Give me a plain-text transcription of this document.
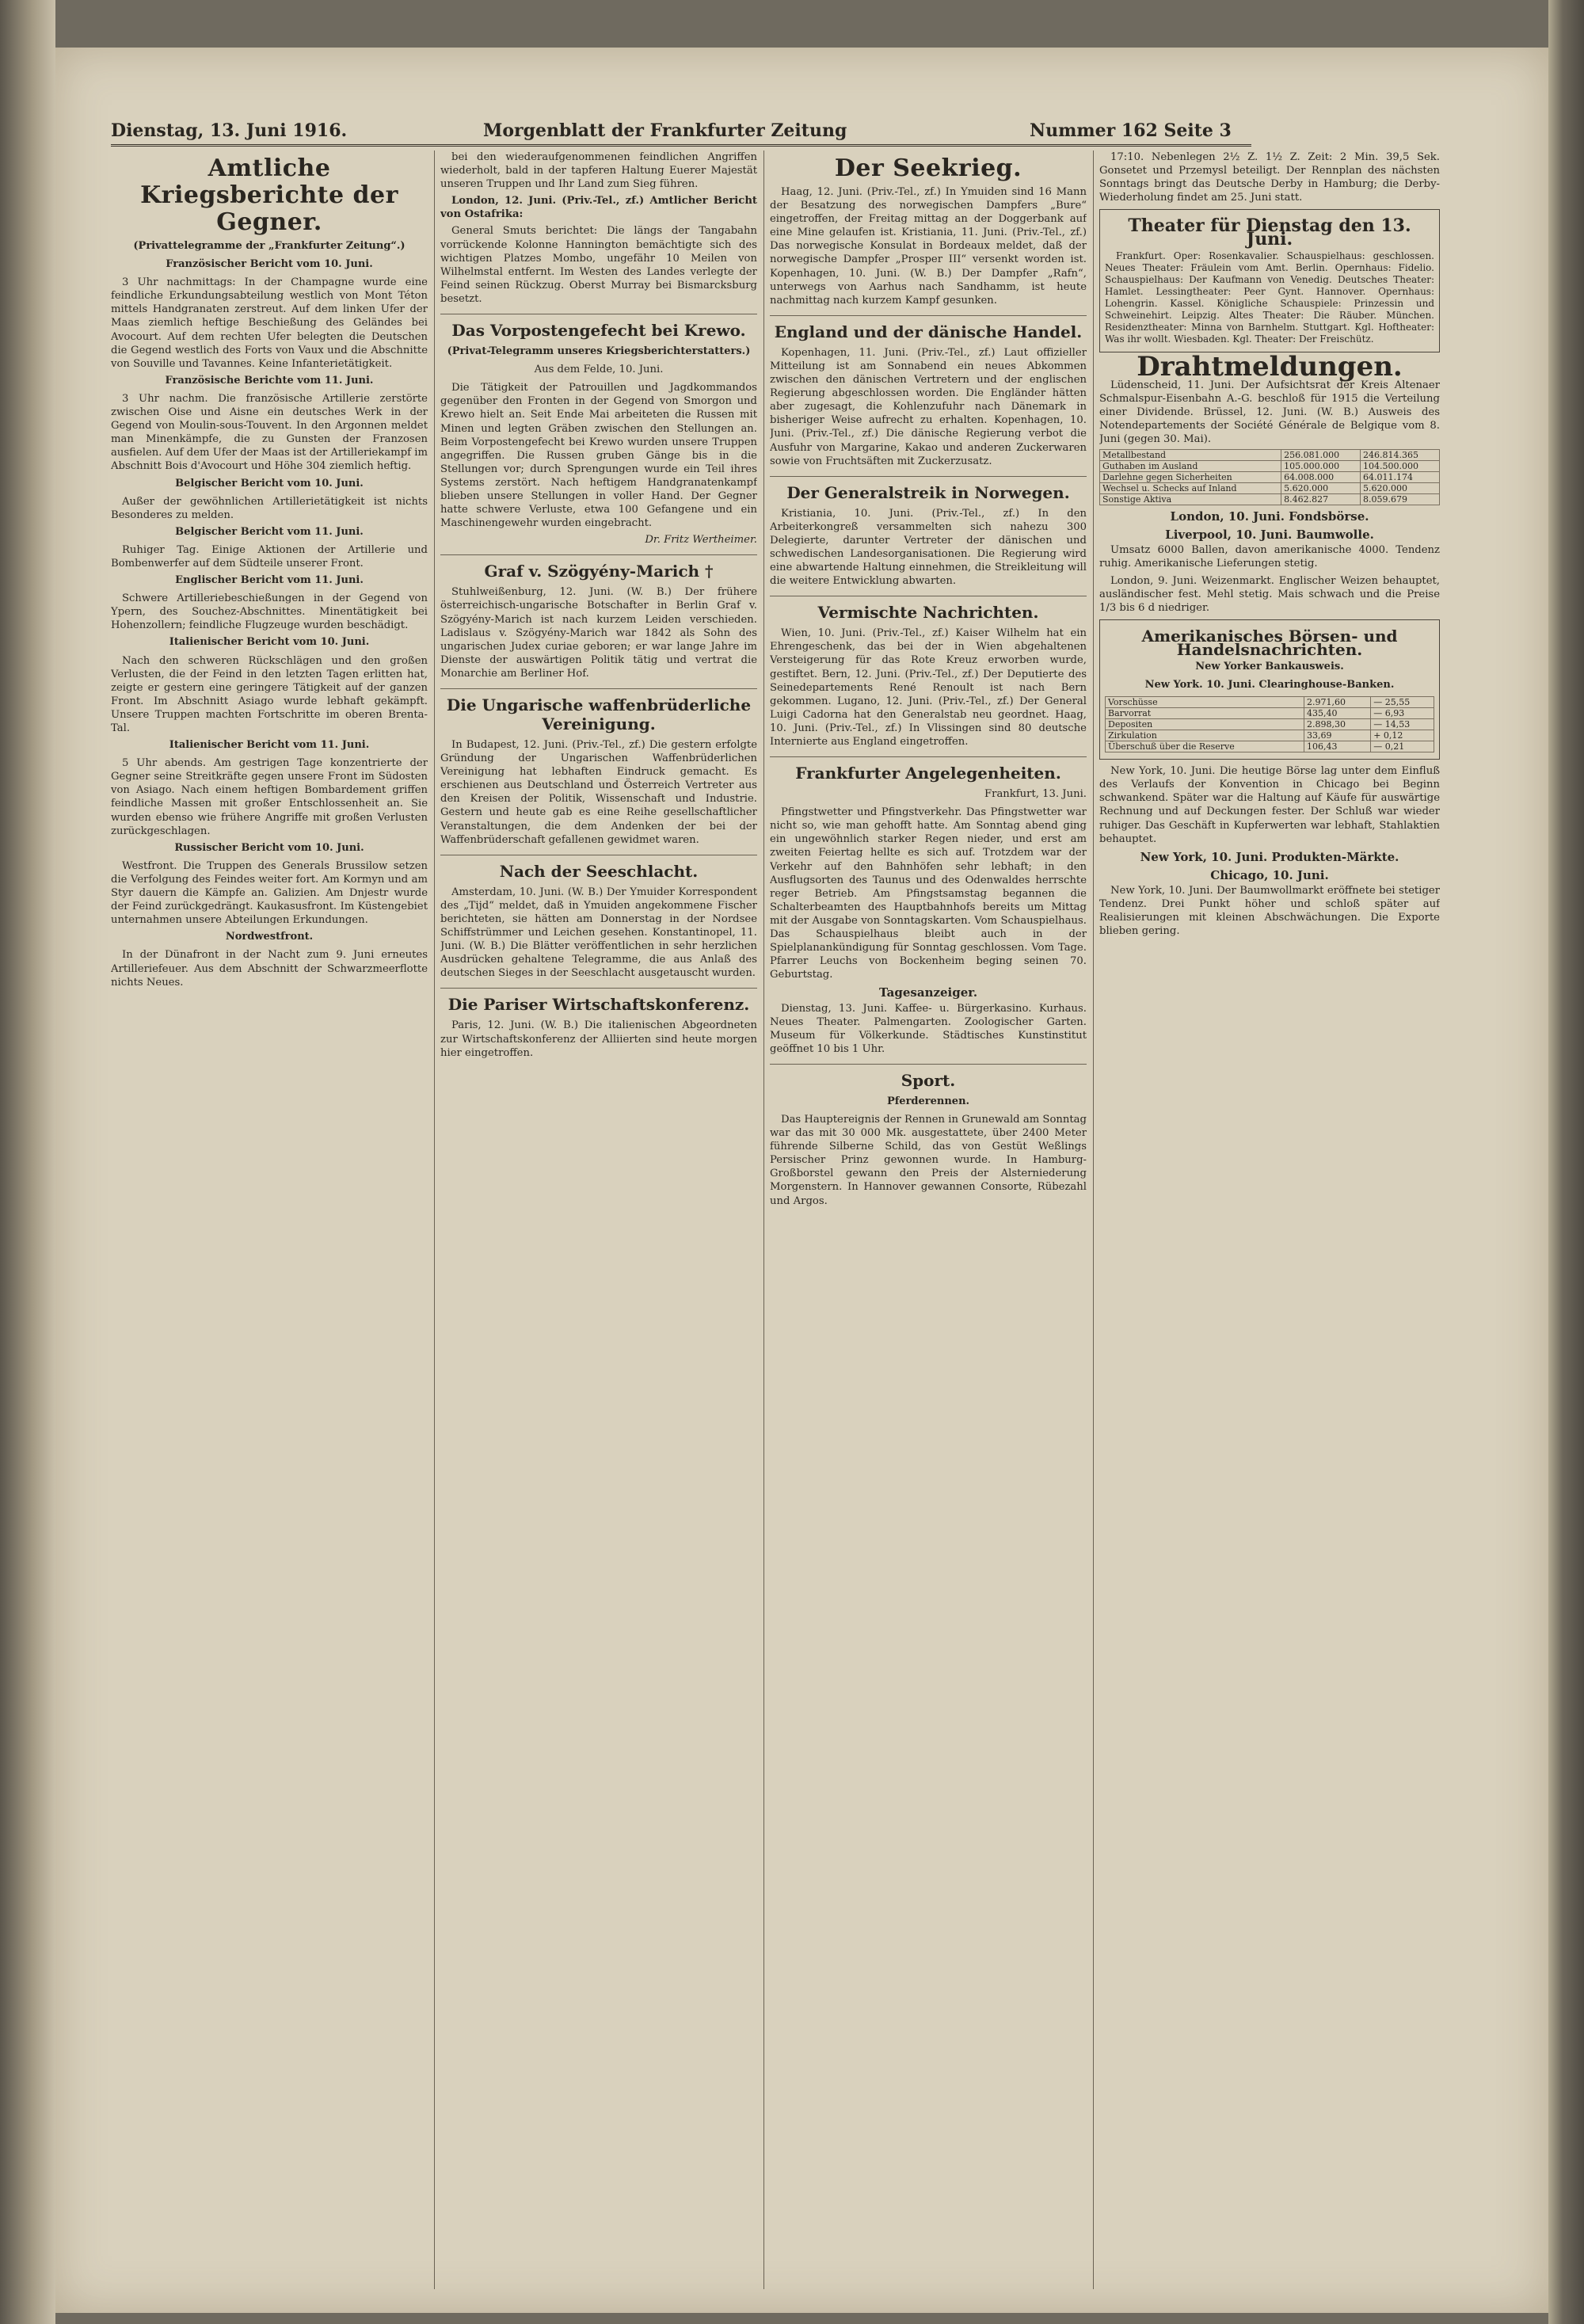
Dienstag, 13. Juni 1916.	Morgenblatt der Frankfurter Zeitung	Nummer 162 Seite 3
Amtliche Kriegsberichte der Gegner.
(Privattelegramme der „Frankfurter Zeitung“.)
Französischer Bericht vom 10. Juni.

3 Uhr nachmittags: In der Champagne wurde eine feindliche Erkundungsabteilung westlich von Mont Téton mittels Handgranaten zerstreut. Auf dem linken Ufer der Maas ziemlich heftige Beschießung des Geländes bei Avocourt. Auf dem rechten Ufer belegten die Deutschen die Gegend westlich des Forts von Vaux und die Abschnitte von Souville und Tavannes. Keine Infanterietätigkeit.

Französische Berichte vom 11. Juni.

3 Uhr nachm. Die französische Artillerie zerstörte zwischen Oise und Aisne ein deutsches Werk in der Gegend von Moulin-sous-Touvent. In den Argonnen meldet man Minenkämpfe, die zu Gunsten der Franzosen ausfielen. Auf dem Ufer der Maas ist der Artilleriekampf im Abschnitt Bois d'Avocourt und Höhe 304 ziemlich heftig.

Belgischer Bericht vom 10. Juni.

Außer der gewöhnlichen Artillerietätigkeit ist nichts Besonderes zu melden.

Belgischer Bericht vom 11. Juni.

Ruhiger Tag. Einige Aktionen der Artillerie und Bombenwerfer auf dem Südteile unserer Front.

Englischer Bericht vom 11. Juni.

Schwere Artilleriebeschießungen in der Gegend von Ypern, des Souchez-Abschnittes. Minentätigkeit bei Hohenzollern; feindliche Flugzeuge wurden beschädigt.

Italienischer Bericht vom 10. Juni.

Nach den schweren Rückschlägen und den großen Verlusten, die der Feind in den letzten Tagen erlitten hat, zeigte er gestern eine geringere Tätigkeit auf der ganzen Front. Im Abschnitt Asiago wurde lebhaft gekämpft. Unsere Truppen machten Fortschritte im oberen Brenta-Tal.

Italienischer Bericht vom 11. Juni.

5 Uhr abends. Am gestrigen Tage konzentrierte der Gegner seine Streitkräfte gegen unsere Front im Südosten von Asiago. Nach einem heftigen Bombardement griffen feindliche Massen mit großer Entschlossenheit an. Sie wurden ebenso wie frühere Angriffe mit großen Verlusten zurückgeschlagen.

Russischer Bericht vom 10. Juni.

Westfront. Die Truppen des Generals Brussilow setzen die Verfolgung des Feindes weiter fort. Am Kormyn und am Styr dauern die Kämpfe an. Galizien. Am Dnjestr wurde der Feind zurückgedrängt. Kaukasusfront. Im Küstengebiet unternahmen unsere Abteilungen Erkundungen.

Nordwestfront.

In der Dünafront in der Nacht zum 9. Juni erneutes Artilleriefeuer. Aus dem Abschnitt der Schwarzmeerflotte nichts Neues.

bei den wiederaufgenommenen feindlichen Angriffen wiederholt, bald in der tapferen Haltung Euerer Majestät unseren Truppen und Ihr Land zum Sieg führen.

London, 12. Juni. (Priv.-Tel., zf.) Amtlicher Bericht von Ostafrika:

General Smuts berichtet: Die längs der Tangabahn vorrückende Kolonne Hannington bemächtigte sich des wichtigen Platzes Mombo, ungefähr 10 Meilen von Wilhelmstal entfernt. Im Westen des Landes verlegte der Feind seinen Rückzug. Oberst Murray bei Bismarcksburg besetzt.

Das Vorpostengefecht bei Krewo.
(Privat-Telegramm unseres Kriegsberichterstatters.)
Aus dem Felde, 10. Juni.

Die Tätigkeit der Patrouillen und Jagdkommandos gegenüber den Fronten in der Gegend von Smorgon und Krewo hielt an. Seit Ende Mai arbeiteten die Russen mit Minen und legten Gräben zwischen den Stellungen an. Beim Vorpostengefecht bei Krewo wurden unsere Truppen angegriffen. Die Russen gruben Gänge bis in die Stellungen vor; durch Sprengungen wurde ein Teil ihres Systems zerstört. Nach heftigem Handgranatenkampf blieben unsere Stellungen in voller Hand. Der Gegner hatte schwere Verluste, etwa 100 Gefangene und ein Maschinengewehr wurden eingebracht.

Dr. Fritz Wertheimer.
Graf v. Szögyény-Marich †

Stuhlweißenburg, 12. Juni. (W. B.) Der frühere österreichisch-ungarische Botschafter in Berlin Graf v. Szögyény-Marich ist nach kurzem Leiden verschieden. Ladislaus v. Szögyény-Marich war 1842 als Sohn des ungarischen Judex curiae geboren; er war lange Jahre im Dienste der auswärtigen Politik tätig und vertrat die Monarchie am Berliner Hof.

Die Ungarische waffenbrüderliche Vereinigung.

In Budapest, 12. Juni. (Priv.-Tel., zf.) Die gestern erfolgte Gründung der Ungarischen Waffenbrüderlichen Vereinigung hat lebhaften Eindruck gemacht. Es erschienen aus Deutschland und Österreich Vertreter aus den Kreisen der Politik, Wissenschaft und Industrie. Gestern und heute gab es eine Reihe gesellschaftlicher Veranstaltungen, die dem Andenken der bei der Waffenbrüderschaft gefallenen gewidmet waren.

Nach der Seeschlacht.

Amsterdam, 10. Juni. (W. B.) Der Ymuider Korrespondent des „Tijd“ meldet, daß in Ymuiden angekommene Fischer berichteten, sie hätten am Donnerstag in der Nordsee Schiffstrümmer und Leichen gesehen. Konstantinopel, 11. Juni. (W. B.) Die Blätter veröffentlichen in sehr herzlichen Ausdrücken gehaltene Telegramme, die aus Anlaß des deutschen Sieges in der Seeschlacht ausgetauscht wurden.

Die Pariser Wirtschaftskonferenz.

Paris, 12. Juni. (W. B.) Die italienischen Abgeordneten zur Wirtschaftskonferenz der Alliierten sind heute morgen hier eingetroffen.

Der Seekrieg.

Haag, 12. Juni. (Priv.-Tel., zf.) In Ymuiden sind 16 Mann der Besatzung des norwegischen Dampfers „Bure“ eingetroffen, der Freitag mittag an der Doggerbank auf eine Mine gelaufen ist. Kristiania, 11. Juni. (Priv.-Tel., zf.) Das norwegische Konsulat in Bordeaux meldet, daß der norwegische Dampfer „Prosper III“ versenkt worden ist. Kopenhagen, 10. Juni. (W. B.) Der Dampfer „Rafn“, unterwegs von Aarhus nach Sandhamm, ist heute nachmittag nach kurzem Kampf gesunken.

England und der dänische Handel.

Kopenhagen, 11. Juni. (Priv.-Tel., zf.) Laut offizieller Mitteilung ist am Sonnabend ein neues Abkommen zwischen den dänischen Vertretern und der englischen Regierung abgeschlossen worden. Die Engländer hätten aber zugesagt, die Kohlenzufuhr nach Dänemark in bisheriger Weise aufrecht zu erhalten. Kopenhagen, 10. Juni. (Priv.-Tel., zf.) Die dänische Regierung verbot die Ausfuhr von Margarine, Kakao und anderen Zuckerwaren sowie von Fruchtsäften mit Zuckerzusatz.

Der Generalstreik in Norwegen.

Kristiania, 10. Juni. (Priv.-Tel., zf.) In den Arbeiterkongreß versammelten sich nahezu 300 Delegierte, darunter Vertreter der dänischen und schwedischen Landesorganisationen. Die Regierung wird eine abwartende Haltung einnehmen, die Streikleitung will die weitere Entwicklung abwarten.

Vermischte Nachrichten.

Wien, 10. Juni. (Priv.-Tel., zf.) Kaiser Wilhelm hat ein Ehrengeschenk, das bei der in Wien abgehaltenen Versteigerung für das Rote Kreuz erworben wurde, gestiftet. Bern, 12. Juni. (Priv.-Tel., zf.) Der Deputierte des Seinedepartements René Renoult ist nach Bern gekommen. Lugano, 12. Juni. (Priv.-Tel., zf.) Der General Luigi Cadorna hat den Generalstab neu geordnet. Haag, 10. Juni. (Priv.-Tel., zf.) In Vlissingen sind 80 deutsche Internierte aus England eingetroffen.

Frankfurter Angelegenheiten.
Frankfurt, 13. Juni.

Pfingstwetter und Pfingstverkehr. Das Pfingstwetter war nicht so, wie man gehofft hatte. Am Sonntag abend ging ein ungewöhnlich starker Regen nieder, und erst am zweiten Feiertag hellte es sich auf. Trotzdem war der Verkehr auf den Bahnhöfen sehr lebhaft; in den Ausflugsorten des Taunus und des Odenwaldes herrschte reger Betrieb. Am Pfingstsamstag begannen die Schalterbeamten des Hauptbahnhofs bereits um Mittag mit der Ausgabe von Sonntagskarten. Vom Schauspielhaus. Das Schauspielhaus bleibt auch in der Spielplanankündigung für Sonntag geschlossen. Vom Tage. Pfarrer Leuchs von Bockenheim beging seinen 70. Geburtstag.

Tagesanzeiger.

Dienstag, 13. Juni. Kaffee- u. Bürgerkasino. Kurhaus. Neues Theater. Palmengarten. Zoologischer Garten. Museum für Völkerkunde. Städtisches Kunstinstitut geöffnet 10 bis 1 Uhr.

Sport.
Pferderennen.

Das Hauptereignis der Rennen in Grunewald am Sonntag war das mit 30 000 Mk. ausgestattete, über 2400 Meter führende Silberne Schild, das von Gestüt Weßlings Persischer Prinz gewonnen wurde. In Hamburg-Großborstel gewann den Preis der Alsterniederung Morgenstern. In Hannover gewannen Consorte, Rübezahl und Argos.

17:10. Nebenlegen 2½ Z. 1½ Z. Zeit: 2 Min. 39,5 Sek. Gonsetet und Przemysl beteiligt. Der Rennplan des nächsten Sonntags bringt das Deutsche Derby in Hamburg; die Derby-Wiederholung findet am 25. Juni statt.

Theater für Dienstag den 13. Juni.

Frankfurt. Oper: Rosenkavalier. Schauspielhaus: geschlossen. Neues Theater: Fräulein vom Amt. Berlin. Opernhaus: Fidelio. Schauspielhaus: Der Kaufmann von Venedig. Deutsches Theater: Hamlet. Lessingtheater: Peer Gynt. Hannover. Opernhaus: Lohengrin. Kassel. Königliche Schauspiele: Prinzessin und Schweinehirt. Leipzig. Altes Theater: Die Räuber. München. Residenztheater: Minna von Barnhelm. Stuttgart. Kgl. Hoftheater: Was ihr wollt. Wiesbaden. Kgl. Theater: Der Freischütz.

Drahtmeldungen.

Lüdenscheid, 11. Juni. Der Aufsichtsrat der Kreis Altenaer Schmalspur-Eisenbahn A.-G. beschloß für 1915 die Verteilung einer Dividende. Brüssel, 12. Juni. (W. B.) Ausweis des Notendepartements der Société Générale de Belgique vom 8. Juni (gegen 30. Mai).

Metallbestand	256.081.000	246.814.365
Guthaben im Ausland	105.000.000	104.500.000
Darlehne gegen Sicherheiten	64.008.000	64.011.174
Wechsel u. Schecks auf Inland	5.620.000	5.620.000
Sonstige Aktiva	8.462.827	8.059.679
London, 10. Juni. Fondsbörse.
Liverpool, 10. Juni. Baumwolle.

Umsatz 6000 Ballen, davon amerikanische 4000. Tendenz ruhig. Amerikanische Lieferungen stetig.

London, 9. Juni. Weizenmarkt. Englischer Weizen behauptet, ausländischer fest. Mehl stetig. Mais schwach und die Preise 1/3 bis 6 d niedriger.

Amerikanisches Börsen- und Handelsnachrichten.
New Yorker Bankausweis.
New York. 10. Juni. Clearinghouse-Banken.
Vorschüsse	2.971,60	— 25,55
Barvorrat	435,40	— 6,93
Depositen	2.898,30	— 14,53
Zirkulation	33,69	+ 0,12
Überschuß über die Reserve	106,43	— 0,21

New York, 10. Juni. Die heutige Börse lag unter dem Einfluß des Verlaufs der Konvention in Chicago bei Beginn schwankend. Später war die Haltung auf Käufe für auswärtige Rechnung und auf Deckungen fester. Der Schluß war wieder ruhiger. Das Geschäft in Kupferwerten war lebhaft, Stahlaktien behauptet.

New York, 10. Juni. Produkten-Märkte.
Chicago, 10. Juni.

New York, 10. Juni. Der Baumwollmarkt eröffnete bei stetiger Tendenz. Drei Punkt höher und schloß später auf Realisierungen mit kleinen Abschwächungen. Die Exporte blieben gering.
